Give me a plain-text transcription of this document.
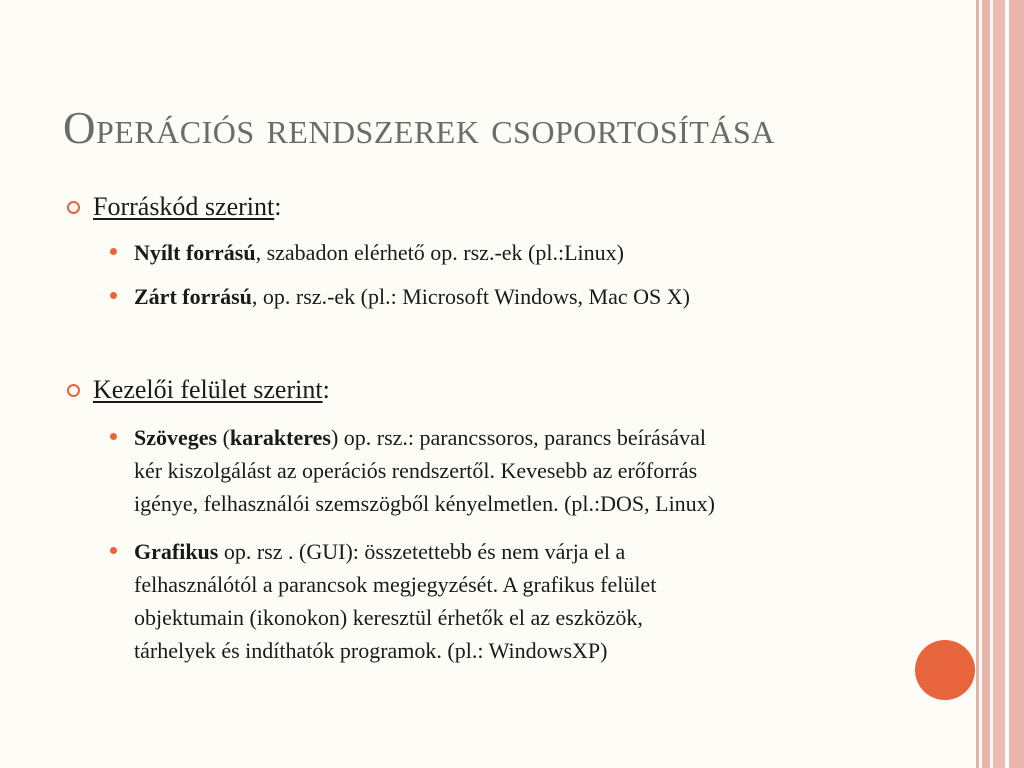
Operációs rendszerek csoportosítása
Forráskód szerint:
Nyílt forrású, szabadon elérhető op. rsz.-ek (pl.:Linux)
Zárt forrású, op. rsz.-ek (pl.: Microsoft Windows, Mac OS X)
Kezelői felület szerint:
Szöveges (karakteres) op. rsz.: parancssoros, parancs beírásával
kér kiszolgálást az operációs rendszertől. Kevesebb az erőforrás
igénye, felhasználói szemszögből kényelmetlen. (pl.:DOS, Linux)
Grafikus op. rsz . (GUI): összetettebb és nem várja el a
felhasználótól a parancsok megjegyzését. A grafikus felület
objektumain (ikonokon) keresztül érhetők el az eszközök,
tárhelyek és indíthatók programok. (pl.: WindowsXP)
